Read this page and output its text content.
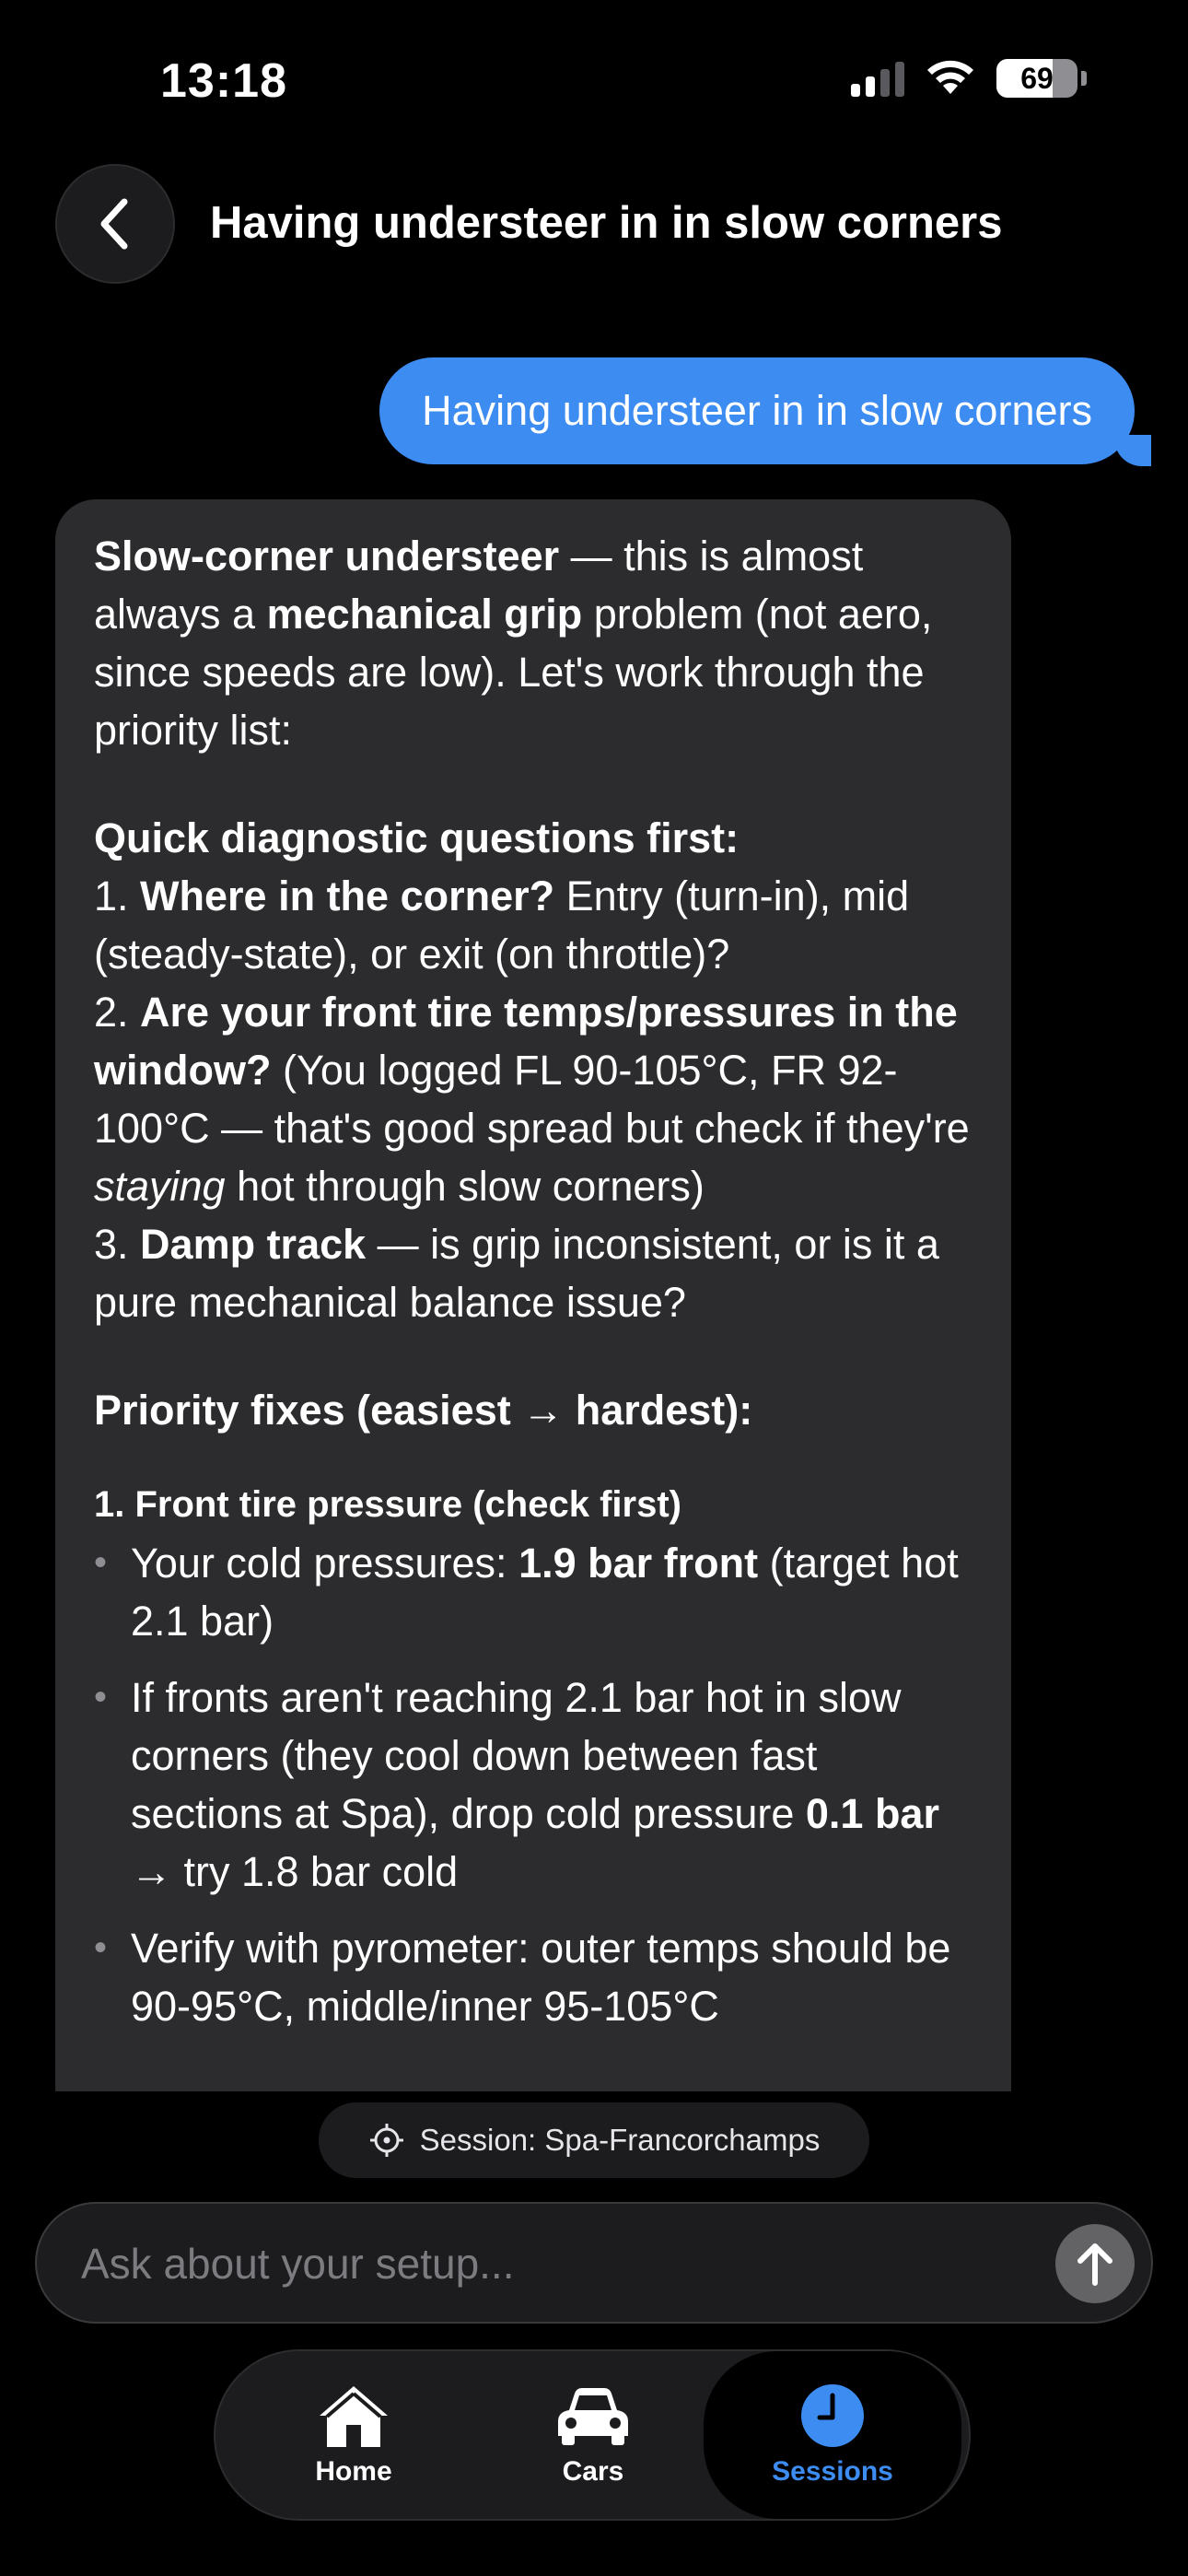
13:18	69
Having understeer in in slow corners
Having understeer in in slow corners

Slow-corner understeer — this is almost always a mechanical grip problem (not aero, since speeds are low). Let's work through the priority list:

Quick diagnostic questions first:

1. Where in the corner? Entry (turn-in), mid (steady-state), or exit (on throttle)?

2. Are your front tire temps/pressures in the window? (You logged FL 90-105°C, FR 92-100°C — that's good spread but check if they're staying hot through slow corners)

3. Damp track — is grip inconsistent, or is it a pure mechanical balance issue?

Priority fixes (easiest → hardest):

1. Front tire pressure (check first)

• Your cold pressures: 1.9 bar front (target hot 2.1 bar)
• If fronts aren't reaching 2.1 bar hot in slow corners (they cool down between fast sections at Spa), drop cold pressure 0.1 bar → try 1.8 bar cold
• Verify with pyrometer: outer temps should be 90-95°C, middle/inner 95-105°C
Session: Spa-Francorchamps
Ask about your setup...
Home	Cars	Sessions
